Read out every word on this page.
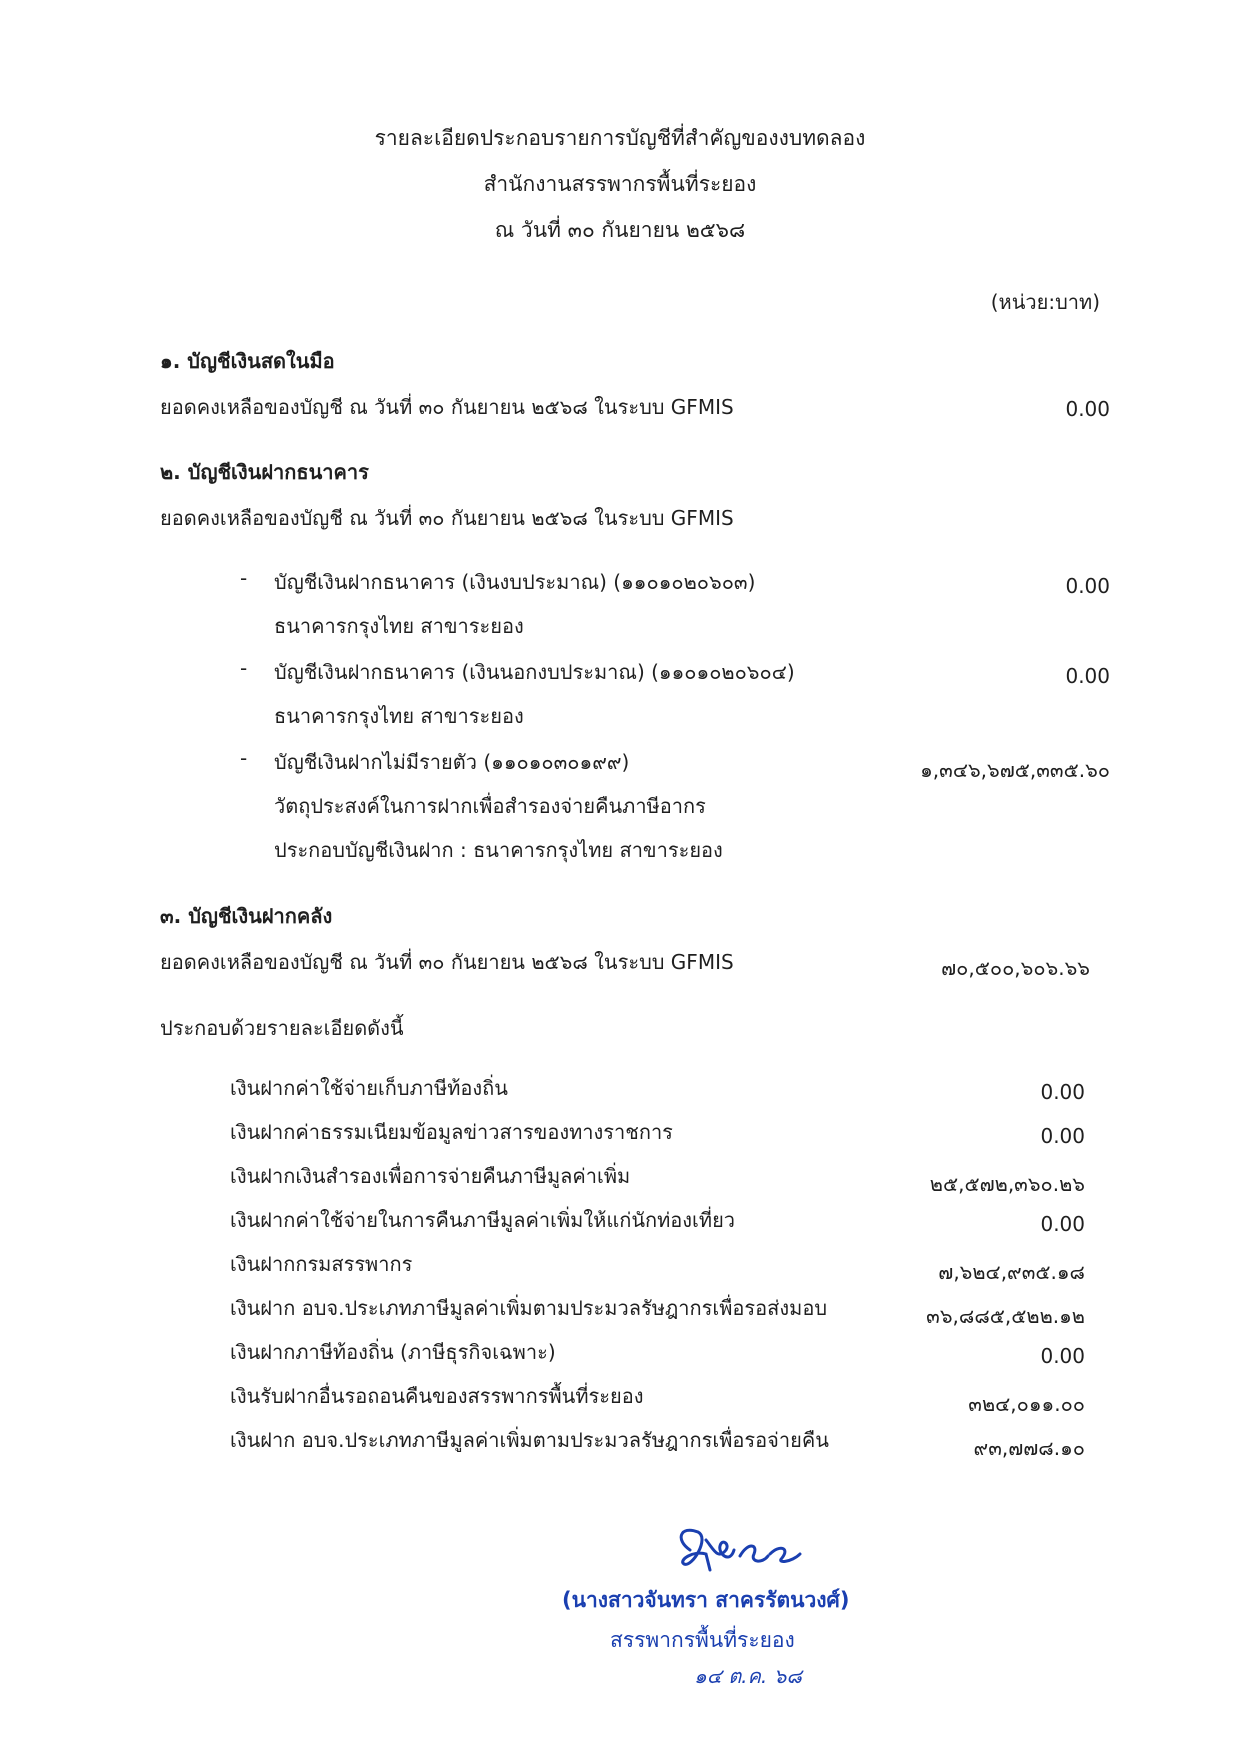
รายละเอียดประกอบรายการบัญชีที่สำคัญของงบทดลอง
สำนักงานสรรพากรพื้นที่ระยอง
ณ วันที่ ๓๐ กันยายน ๒๕๖๘
(หน่วย:บาท)
๑. บัญชีเงินสดในมือ
ยอดคงเหลือของบัญชี ณ วันที่ ๓๐ กันยายน ๒๕๖๘ ในระบบ GFMIS	0.00
๒. บัญชีเงินฝากธนาคาร
ยอดคงเหลือของบัญชี ณ วันที่ ๓๐ กันยายน ๒๕๖๘ ในระบบ GFMIS
- บัญชีเงินฝากธนาคาร (เงินงบประมาณ) (๑๑๐๑๐๒๐๖๐๓)
ธนาคารกรุงไทย สาขาระยอง
0.00
- บัญชีเงินฝากธนาคาร (เงินนอกงบประมาณ) (๑๑๐๑๐๒๐๖๐๔)
ธนาคารกรุงไทย สาขาระยอง
0.00
- บัญชีเงินฝากไม่มีรายตัว (๑๑๐๑๐๓๐๑๙๙)
วัตถุประสงค์ในการฝากเพื่อสำรองจ่ายคืนภาษีอากร
ประกอบบัญชีเงินฝาก : ธนาคารกรุงไทย สาขาระยอง
๑,๓๔๖,๖๗๕,๓๓๕.๖๐
๓. บัญชีเงินฝากคลัง
ยอดคงเหลือของบัญชี ณ วันที่ ๓๐ กันยายน ๒๕๖๘ ในระบบ GFMIS	๗๐,๕๐๐,๖๐๖.๖๖
ประกอบด้วยรายละเอียดดังนี้
เงินฝากค่าใช้จ่ายเก็บภาษีท้องถิ่น	0.00
เงินฝากค่าธรรมเนียมข้อมูลข่าวสารของทางราชการ	0.00
เงินฝากเงินสำรองเพื่อการจ่ายคืนภาษีมูลค่าเพิ่ม	๒๕,๕๗๒,๓๖๐.๒๖
เงินฝากค่าใช้จ่ายในการคืนภาษีมูลค่าเพิ่มให้แก่นักท่องเที่ยว	0.00
เงินฝากกรมสรรพากร	๗,๖๒๔,๙๓๕.๑๘
เงินฝาก อบจ.ประเภทภาษีมูลค่าเพิ่มตามประมวลรัษฎากรเพื่อรอส่งมอบ	๓๖,๘๘๕,๕๒๒.๑๒
เงินฝากภาษีท้องถิ่น (ภาษีธุรกิจเฉพาะ)	0.00
เงินรับฝากอื่นรอถอนคืนของสรรพากรพื้นที่ระยอง	๓๒๔,๐๑๑.๐๐
เงินฝาก อบจ.ประเภทภาษีมูลค่าเพิ่มตามประมวลรัษฎากรเพื่อรอจ่ายคืน	๙๓,๗๗๘.๑๐
(นางสาวจันทรา สาครรัตนวงศ์)
สรรพากรพื้นที่ระยอง
๑๔ ต.ค. ๖๘
